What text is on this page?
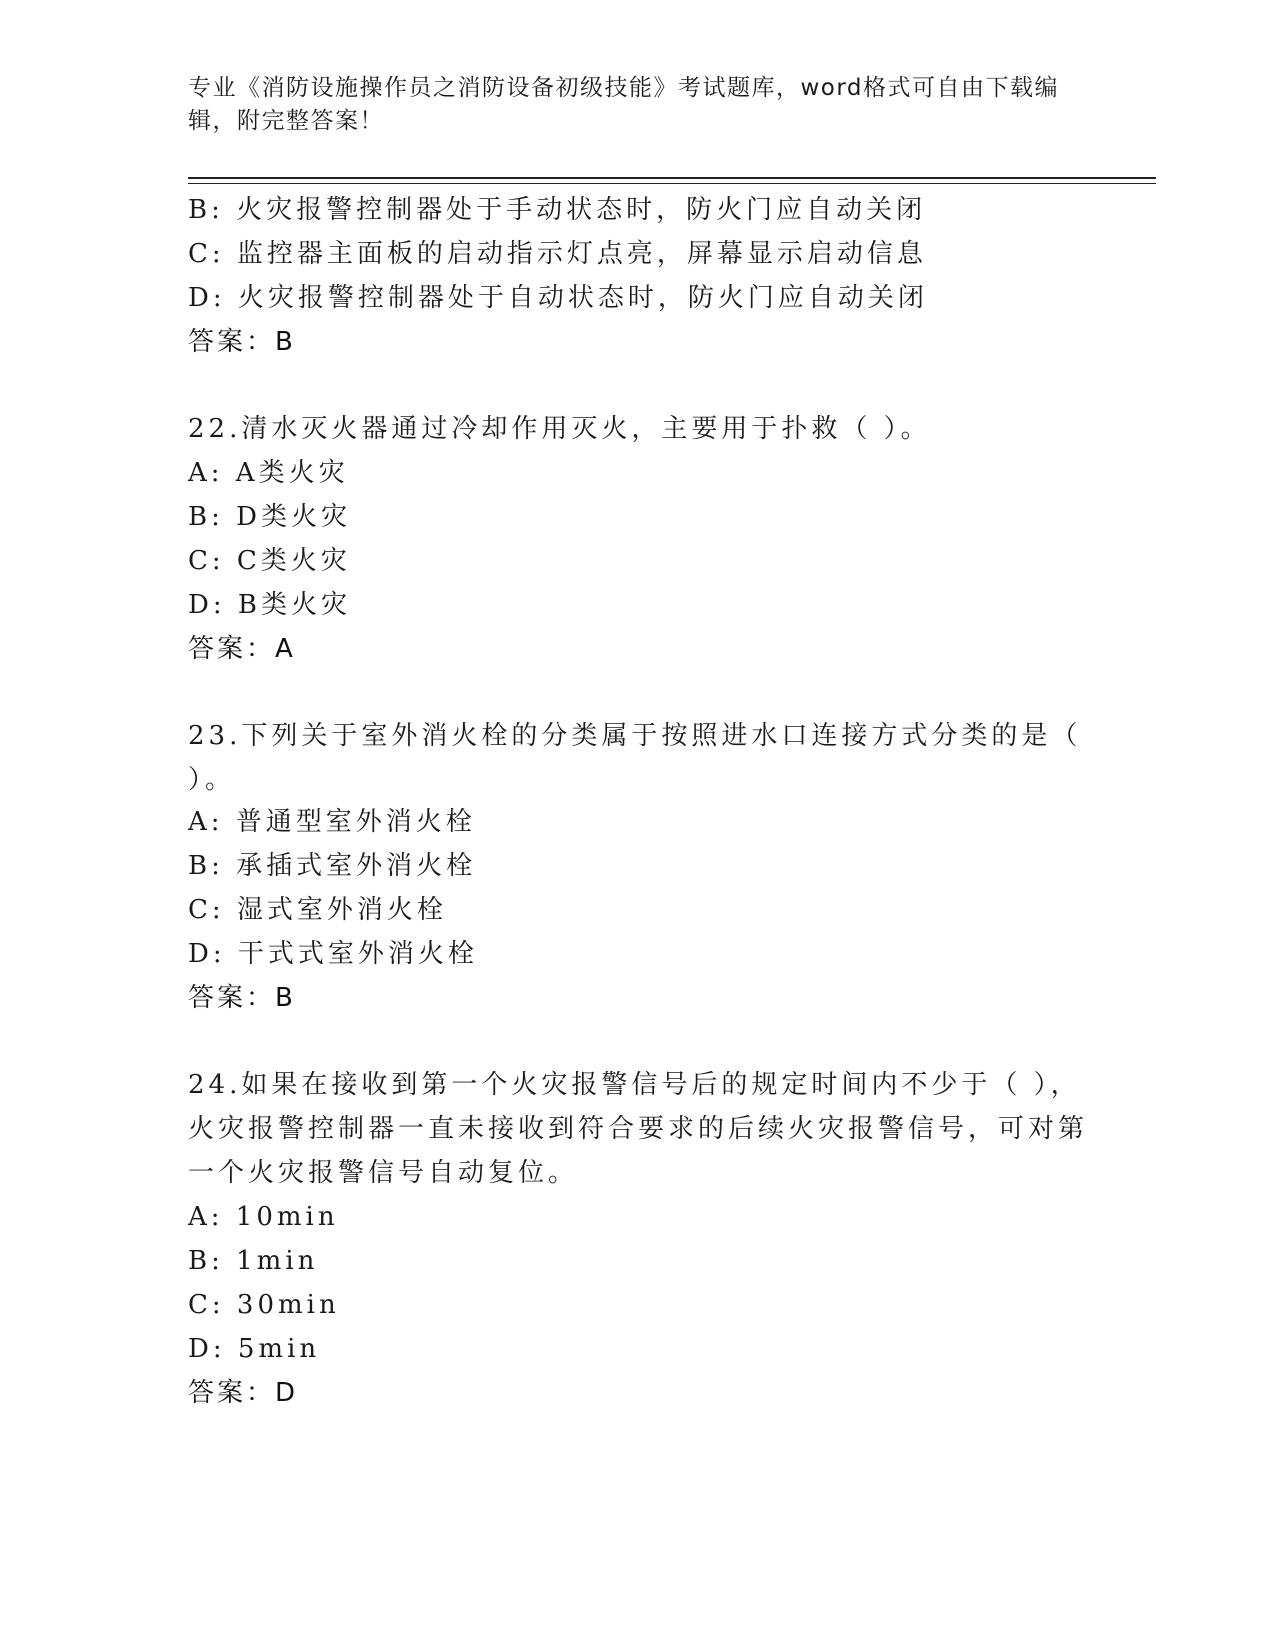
专业《消防设施操作员之消防设备初级技能》考试题库，word格式可自由下载编
辑，附完整答案！
B: 火灾报警控制器处于手动状态时，防火门应自动关闭
C: 监控器主面板的启动指示灯点亮，屏幕显示启动信息
D: 火灾报警控制器处于自动状态时，防火门应自动关闭
答案：B
22.清水灭火器通过冷却作用灭火，主要用于扑救（ ）。
A: A类火灾
B: D类火灾
C: C类火灾
D: B类火灾
答案：A
23.下列关于室外消火栓的分类属于按照进水口连接方式分类的是（
）。
A: 普通型室外消火栓
B: 承插式室外消火栓
C: 湿式室外消火栓
D: 干式式室外消火栓
答案：B
24.如果在接收到第一个火灾报警信号后的规定时间内不少于（ ），
火灾报警控制器一直未接收到符合要求的后续火灾报警信号，可对第
一个火灾报警信号自动复位。
A: 10min
B: 1min
C: 30min
D: 5min
答案：D
